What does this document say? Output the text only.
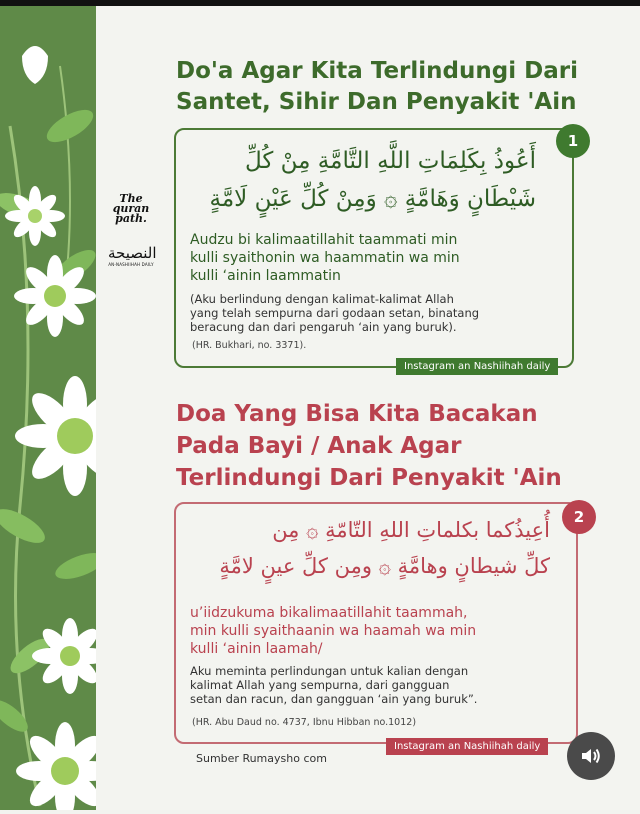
The
quran
path.
النصيحة
AN-NASHIIHAH DAILY
Do'a Agar Kita Terlindungi Dari
Santet, Sihir Dan Penyakit 'Ain
1
أَعُوذُ بِكَلِمَاتِ اللَّهِ التَّامَّةِ مِنْ كُلِّ
شَيْطَانٍ وَهَامَّةٍ ۞ وَمِنْ كُلِّ عَيْنٍ لَامَّةٍ
Audzu bi kalimaatillahit taammati min
kulli syaithonin wa haammatin wa min
kulli ‘ainin laammatin
(Aku berlindung dengan kalimat-kalimat Allah
yang telah sempurna dari godaan setan, binatang
beracung dan dari pengaruh ‘ain yang buruk).
(HR. Bukhari, no. 3371).
Instagram an Nashiihah daily
Doa Yang Bisa Kita Bacakan
Pada Bayi / Anak Agar
Terlindungi Dari Penyakit 'Ain
2
أُعِيذُكما بكلماتِ اللهِ التّامّةِ ۞ مِن
كلِّ شيطانٍ وهامَّةٍ ۞ ومِن كلِّ عينٍ لامَّةٍ
u’iidzukuma bikalimaatillahit taammah,
min kulli syaithaanin wa haamah wa min
kulli ‘ainin laamah/
Aku meminta perlindungan untuk kalian dengan
kalimat Allah yang sempurna, dari gangguan
setan dan racun, dan gangguan ‘ain yang buruk”.
(HR. Abu Daud no. 4737, Ibnu Hibban no.1012)
Instagram an Nashiihah daily
Sumber Rumaysho com
